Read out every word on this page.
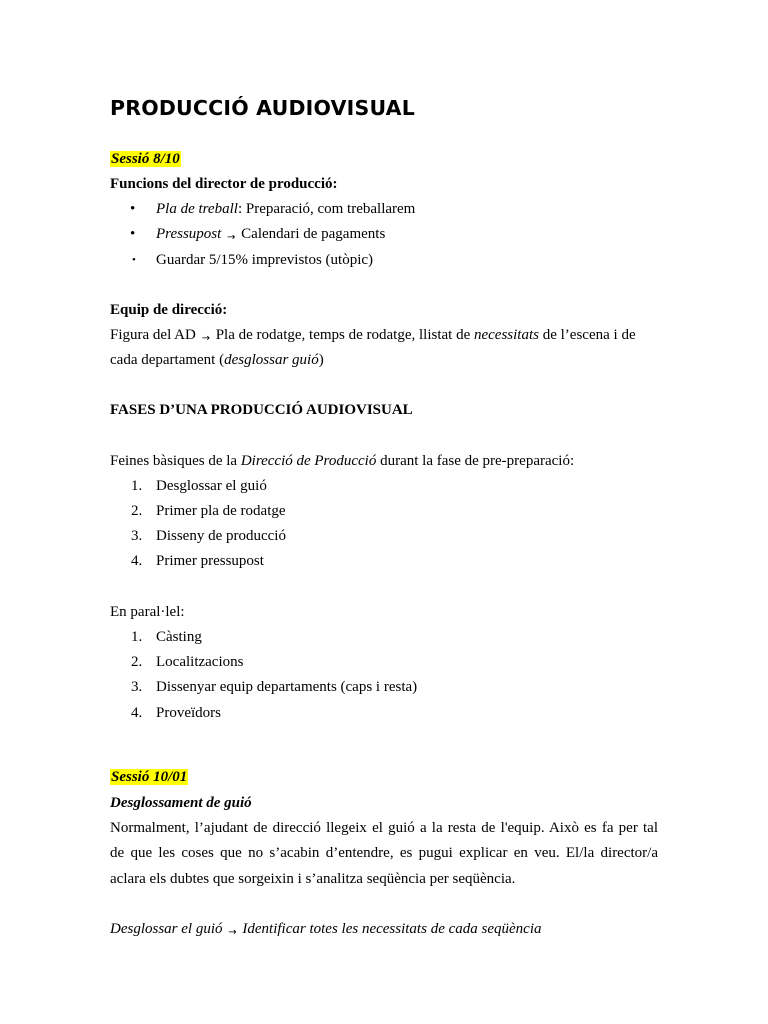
PRODUCCIÓ AUDIOVISUAL
Sessió 8/10
Funcions del director de producció:
• Pla de treball: Preparació, com treballarem
• Pressupost → Calendari de pagaments
• Guardar 5/15% imprevistos (utòpic)
Equip de direcció:
Figura del AD → Pla de rodatge, temps de rodatge, llistat de necessitats de l’escena i de
cada departament (desglossar guió)
FASES D’UNA PRODUCCIÓ AUDIOVISUAL
Feines bàsiques de la Direcció de Producció durant la fase de pre-preparació:
1. Desglossar el guió
2. Primer pla de rodatge
3. Disseny de producció
4. Primer pressupost
En paral·lel:
1. Càsting
2. Localitzacions
3. Dissenyar equip departaments (caps i resta)
4. Proveïdors
Sessió 10/01
Desglossament de guió
Normalment, l’ajudant de direcció llegeix el guió a la resta de l'equip. Això es fa per tal
de que les coses que no s’acabin d’entendre, es pugui explicar en veu. El/la director/a
aclara els dubtes que sorgeixin i s’analitza seqüència per seqüència.
Desglossar el guió → Identificar totes les necessitats de cada seqüència
